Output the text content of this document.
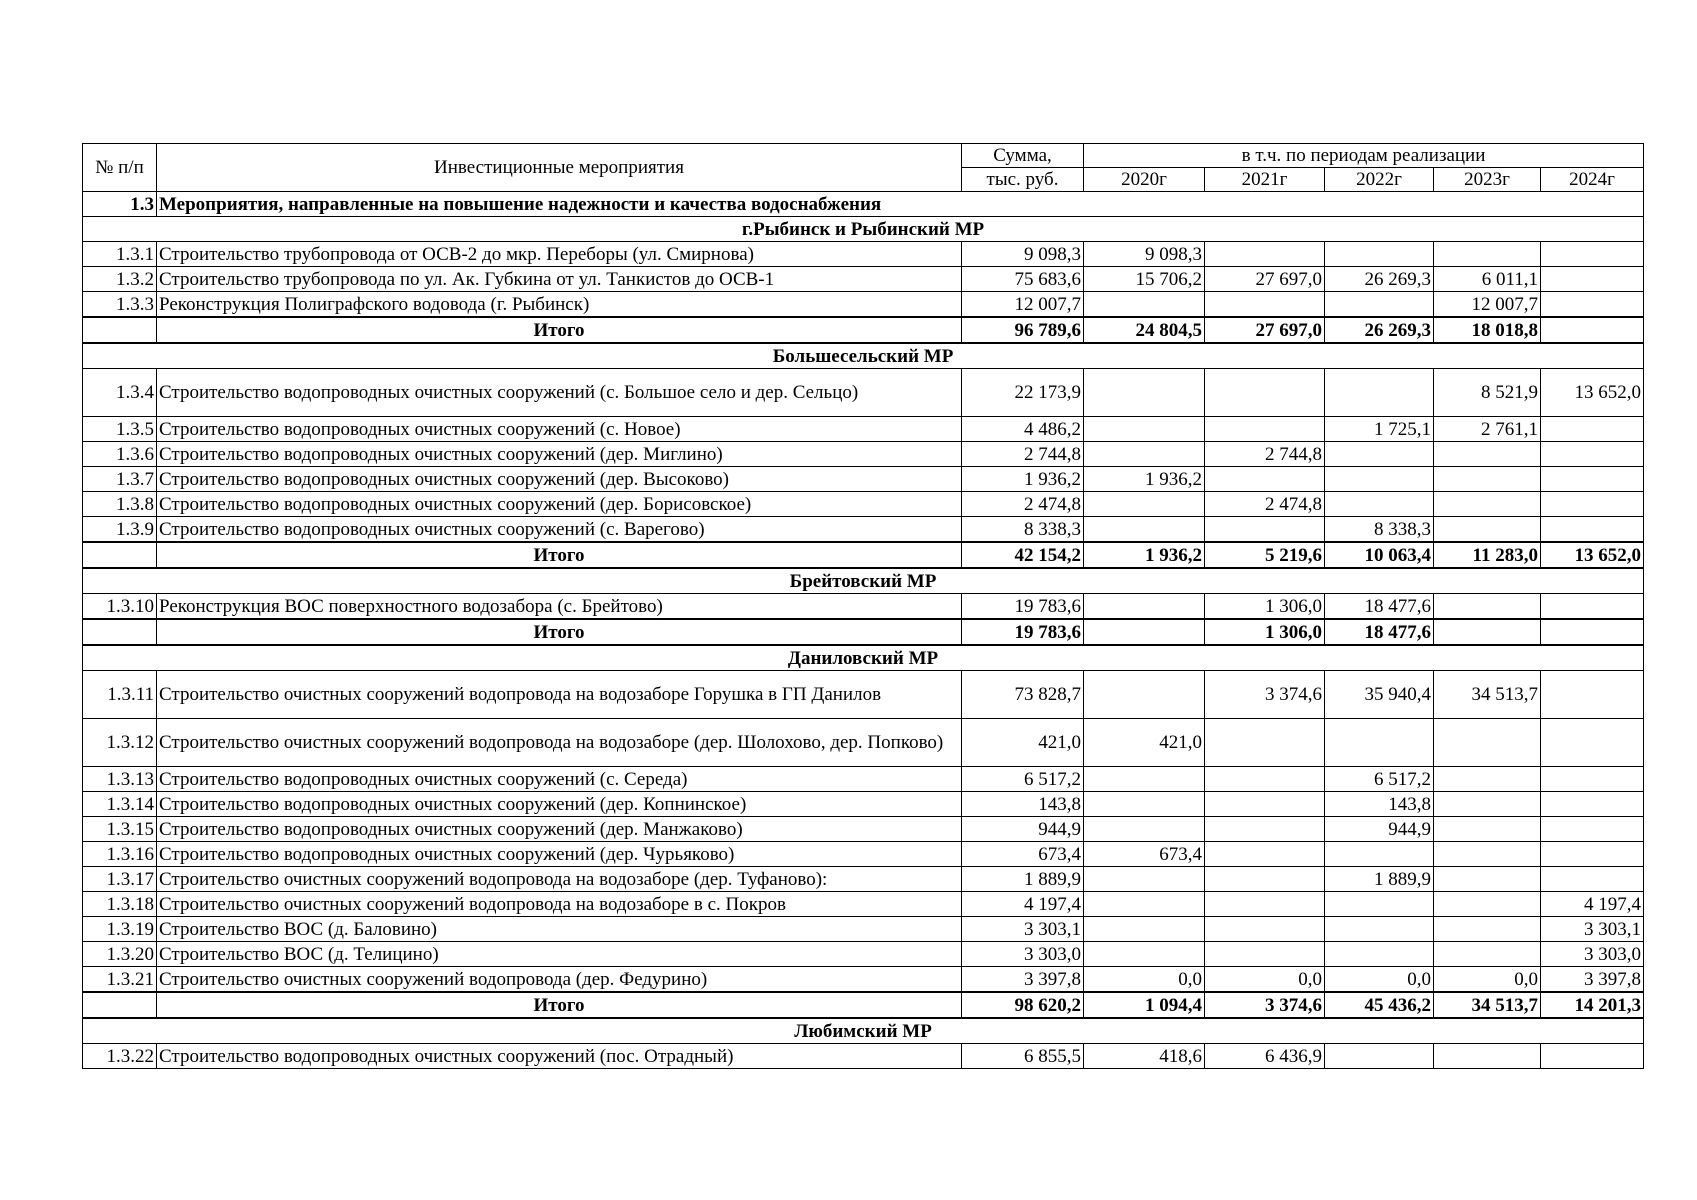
№ п/п	Инвестиционные мероприятия	Сумма,	в т.ч. по периодам реализации				
		тыс. руб.	2020г	2021г	2022г	2023г	2024г
1.3	Мероприятия, направленные на повышение надежности и качества водоснабжения						
г.Рыбинск и Рыбинский МР							
1.3.1	Строительство трубопровода от ОСВ-2 до мкр. Переборы (ул. Смирнова)	9 098,3	9 098,3				
1.3.2	Строительство трубопровода по ул. Ак. Губкина от ул. Танкистов до ОСВ-1	75 683,6	15 706,2	27 697,0	26 269,3	6 011,1	
1.3.3	Реконструкция Полиграфского водовода (г. Рыбинск)	12 007,7				12 007,7	
	Итого	96 789,6	24 804,5	27 697,0	26 269,3	18 018,8	
Большесельский МР							
1.3.4	Строительство водопроводных очистных сооружений (с. Большое село и дер. Сельцо)	22 173,9				8 521,9	13 652,0
1.3.5	Строительство водопроводных очистных сооружений (с. Новое)	4 486,2			1 725,1	2 761,1	
1.3.6	Строительство водопроводных очистных сооружений (дер. Миглино)	2 744,8		2 744,8			
1.3.7	Строительство водопроводных очистных сооружений (дер. Высоково)	1 936,2	1 936,2				
1.3.8	Строительство водопроводных очистных сооружений (дер. Борисовское)	2 474,8		2 474,8			
1.3.9	Строительство водопроводных очистных сооружений (с. Варегово)	8 338,3			8 338,3		
	Итого	42 154,2	1 936,2	5 219,6	10 063,4	11 283,0	13 652,0
Брейтовский МР							
1.3.10	Реконструкция ВОС поверхностного водозабора (с. Брейтово)	19 783,6		1 306,0	18 477,6		
	Итого	19 783,6		1 306,0	18 477,6		
Даниловский МР							
1.3.11	Строительство очистных сооружений водопровода на водозаборе Горушка в ГП Данилов	73 828,7		3 374,6	35 940,4	34 513,7	
1.3.12	Строительство очистных сооружений водопровода на водозаборе (дер. Шолохово, дер. Попково)	421,0	421,0				
1.3.13	Строительство водопроводных очистных сооружений (с. Середа)	6 517,2			6 517,2		
1.3.14	Строительство водопроводных очистных сооружений (дер. Копнинское)	143,8			143,8		
1.3.15	Строительство водопроводных очистных сооружений (дер. Манжаково)	944,9			944,9		
1.3.16	Строительство водопроводных очистных сооружений (дер. Чурьяково)	673,4	673,4				
1.3.17	Строительство очистных сооружений водопровода на водозаборе (дер. Туфаново):	1 889,9			1 889,9		
1.3.18	Строительство очистных сооружений водопровода на водозаборе в с. Покров	4 197,4					4 197,4
1.3.19	Строительство ВОС (д. Баловино)	3 303,1					3 303,1
1.3.20	Строительство ВОС (д. Телицино)	3 303,0					3 303,0
1.3.21	Строительство очистных сооружений водопровода (дер. Федурино)	3 397,8	0,0	0,0	0,0	0,0	3 397,8
	Итого	98 620,2	1 094,4	3 374,6	45 436,2	34 513,7	14 201,3
Любимский МР							
1.3.22	Строительство водопроводных очистных сооружений (пос. Отрадный)	6 855,5	418,6	6 436,9			
